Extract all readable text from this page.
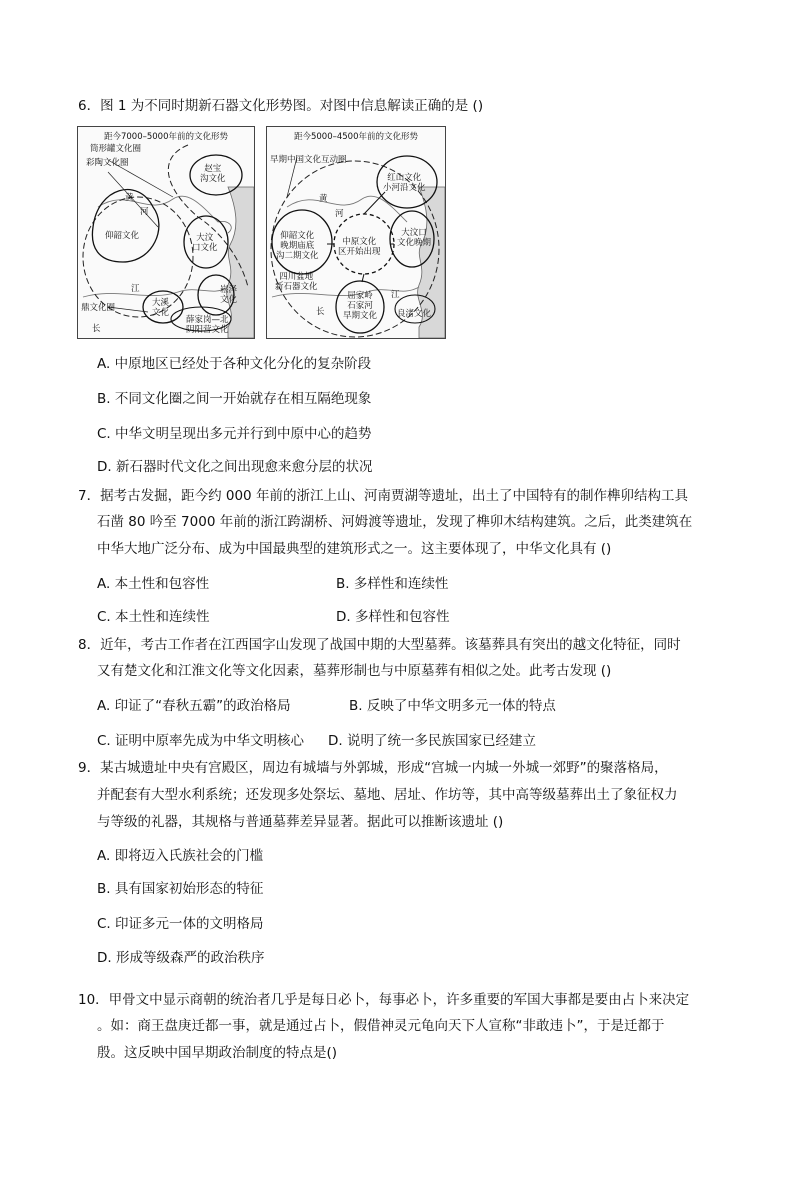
6．图 1 为不同时期新石器文化形势图。对图中信息解读正确的是 ()
距今7000–5000年前的文化形势
筒形罐文化圈
彩陶文化圈
赵宝
沟文化
黄
河
仰韶文化	大汶
口文化
江
鼎文化圈	大溪
文化
崧泽
文化
薛家岗—北
阴阳营文化
长
距今5000–4500年前的文化形势
早期中国文化互动圈
红山文化
小河沿文化
黄
河
仰韶文化
晚期庙底
沟二期文化
中原文化
区开始出现
大汶口
文化晚期
四川盆地
新石器文化
屈家岭
石家河
早期文化
江
长	良渚文化
A. 中原地区已经处于各种文化分化的复杂阶段
B. 不同文化圈之间一开始就存在相互隔绝现象
C. 中华文明呈现出多元并行到中原中心的趋势
D. 新石器时代文化之间出现愈来愈分层的状况
7．据考古发掘，距今约 000 年前的浙江上山、河南贾湖等遗址，出土了中国特有的制作榫卯结构工具
石凿 80 吟至 7000 年前的浙江跨湖桥、河姆渡等遗址，发现了榫卯木结构建筑。之后，此类建筑在
中华大地广泛分布、成为中国最典型的建筑形式之一。这主要体现了，中华文化具有 ()
A. 本土性和包容性	B. 多样性和连续性
C. 本土性和连续性	D. 多样性和包容性
8．近年，考古工作者在江西国字山发现了战国中期的大型墓葬。该墓葬具有突出的越文化特征，同时
又有楚文化和江淮文化等文化因素，墓葬形制也与中原墓葬有相似之处。此考古发现 ()
A. 印证了“春秋五霸”的政治格局	B. 反映了中华文明多元一体的特点
C. 证明中原率先成为中华文明核心 D. 说明了统一多民族国家已经建立
9．某古城遗址中央有宫殿区，周边有城墙与外郭城，形成“宫城一内城一外城一郊野”的聚落格局，
并配套有大型水利系统；还发现多处祭坛、墓地、居址、作坊等，其中高等级墓葬出土了象征权力
与等级的礼器，其规格与普通墓葬差异显著。据此可以推断该遗址 ()
A. 即将迈入氏族社会的门槛
B. 具有国家初始形态的特征
C. 印证多元一体的文明格局
D. 形成等级森严的政治秩序
10．甲骨文中显示商朝的统治者几乎是每日必卜，每事必卜，许多重要的军国大事都是要由占卜来决定
。如：商王盘庚迁都一事，就是通过占卜，假借神灵元龟向天下人宣称“非敢违卜”，于是迁都于
殷。这反映中国早期政治制度的特点是()
